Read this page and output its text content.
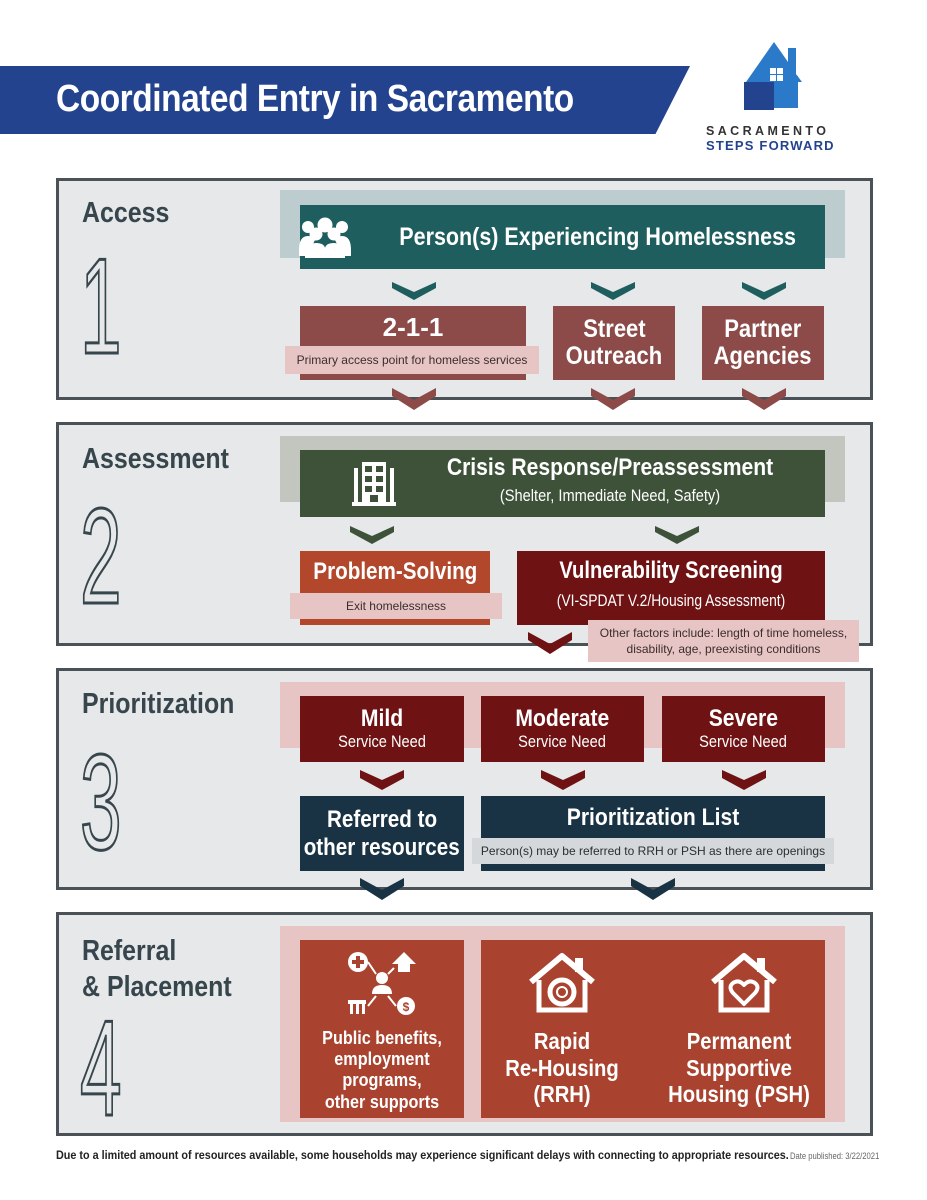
Coordinated Entry in Sacramento
SACRAMENTO
STEPS FORWARD
Access
1	Person(s) Experiencing Homelessness
2-1-1
Primary access point for homeless services
Street
Outreach
Partner
Agencies
Assessment
2
Crisis Response/Preassessment
(Shelter, Immediate Need, Safety)
Problem-Solving
Exit homelessness
Vulnerability Screening
(VI-SPDAT V.2/Housing Assessment)
Other factors include: length of time homeless,
disability, age, preexisting conditions
Prioritization
3
Mild
Service Need
Moderate
Service Need
Severe
Service Need
Referred to
other resources
Prioritization List
Person(s) may be referred to RRH or PSH as there are openings
Referral
& Placement
4	$
Public benefits,
employment
programs,
other supports
Rapid
Re-Housing
(RRH)
Permanent
Supportive
Housing (PSH)
Due to a limited amount of resources available, some households may experience significant delays with connecting to appropriate resources. Date published: 3/22/2021
